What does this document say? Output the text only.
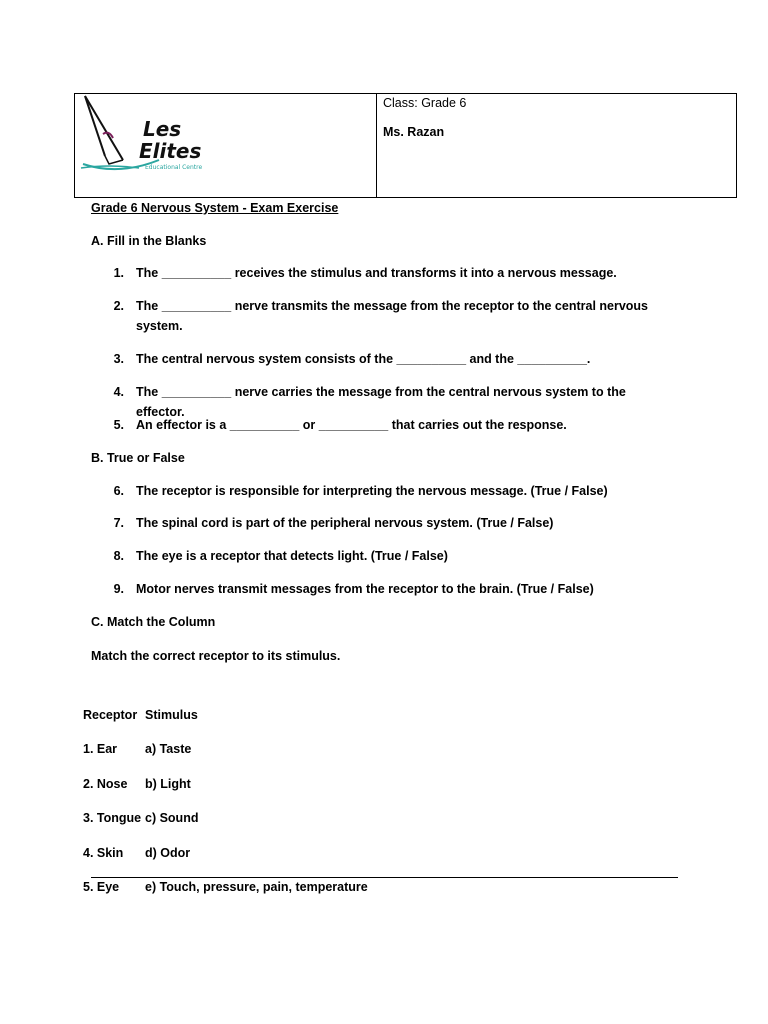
Les
Elites
Educational Centre
Class: Grade 6
Ms. Razan
Grade 6 Nervous System - Exam Exercise
A. Fill in the Blanks
1. The __________ receives the stimulus and transforms it into a nervous message.
2. The __________ nerve transmits the message from the receptor to the central nervous system.
3. The central nervous system consists of the __________ and the __________.
4. The __________ nerve carries the message from the central nervous system to the effector.
5. An effector is a __________ or __________ that carries out the response.
B. True or False
6. The receptor is responsible for interpreting the nervous message. (True / False)
7. The spinal cord is part of the peripheral nervous system. (True / False)
8. The eye is a receptor that detects light. (True / False)
9. Motor nerves transmit messages from the receptor to the brain. (True / False)
C. Match the Column
Match the correct receptor to its stimulus.
Receptor Stimulus
1. Ear a) Taste
2. Nose b) Light
3. Tongue c) Sound
4. Skin d) Odor
5. Eye e) Touch, pressure, pain, temperature
